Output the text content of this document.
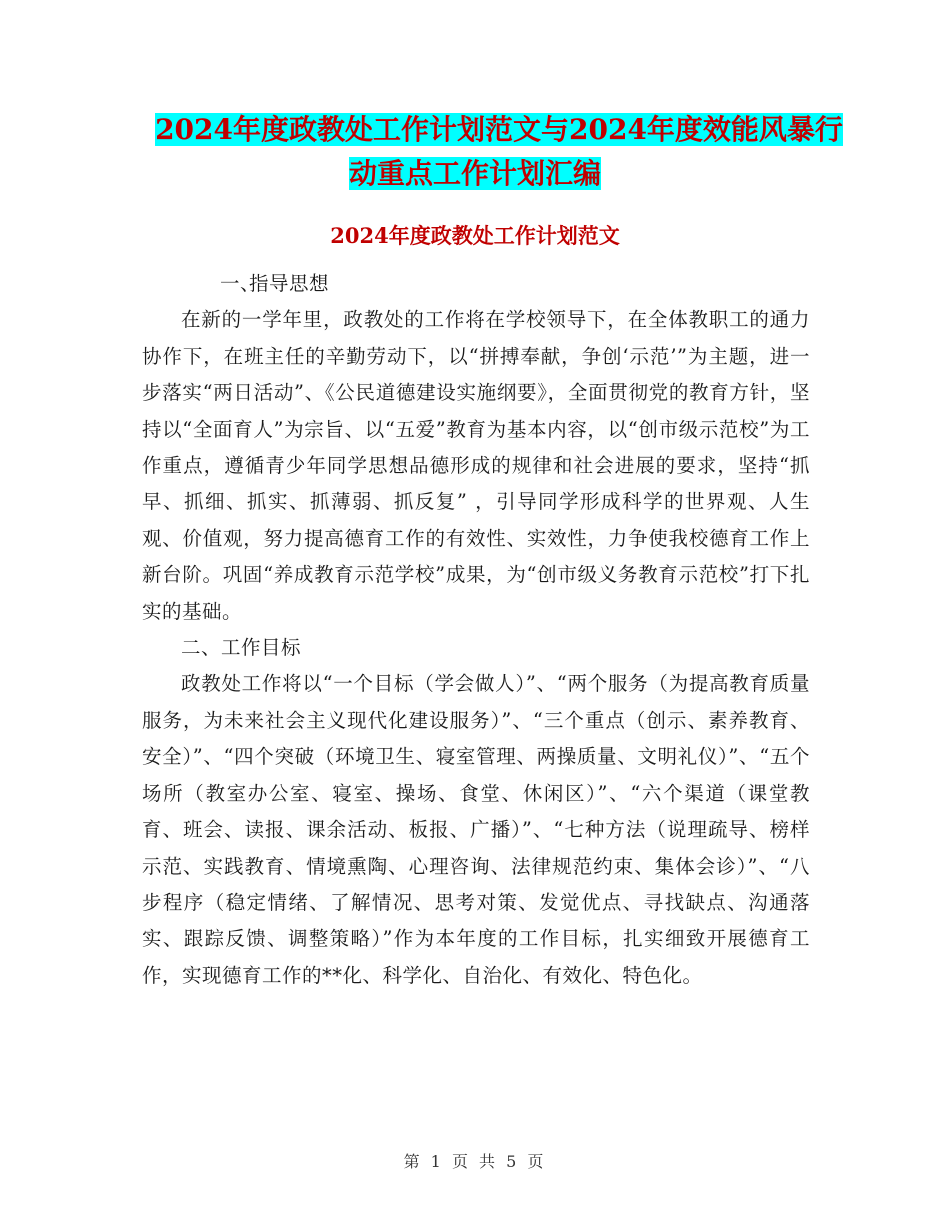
2024年度政教处工作计划范文与2024年度效能风暴行
动重点工作计划汇编
2024年度政教处工作计划范文

一、指导思想

在新的一学年里，政教处的工作将在学校领导下，在全体教职工的通力协作下，在班主任的辛勤劳动下，以“拼搏奉献，争创‘示范’”为主题，进一步落实“两日活动”、《公民道德建设实施纲要》，全面贯彻党的教育方针，坚持以“全面育人”为宗旨、以“五爱”教育为基本内容，以“创市级示范校”为工作重点，遵循青少年同学思想品德形成的规律和社会进展的要求，坚持“抓早、抓细、抓实、抓薄弱、抓反复” ，引导同学形成科学的世界观、人生观、价值观，努力提高德育工作的有效性、实效性，力争使我校德育工作上新台阶。巩固“养成教育示范学校”成果，为“创市级义务教育示范校”打下扎实的基础。

二、工作目标

政教处工作将以“一个目标（学会做人）”、“两个服务（为提高教育质量服务，为未来社会主义现代化建设服务）”、“三个重点（创示、素养教育、安全）”、“四个突破（环境卫生、寝室管理、两操质量、文明礼仪）”、“五个场所（教室办公室、寝室、操场、食堂、休闲区）”、“六个渠道（课堂教育、班会、读报、课余活动、板报、广播）”、“七种方法（说理疏导、榜样示范、实践教育、情境熏陶、心理咨询、法律规范约束、集体会诊）”、“八步程序（稳定情绪、了解情况、思考对策、发觉优点、寻找缺点、沟通落实、跟踪反馈、调整策略）”作为本年度的工作目标，扎实细致开展德育工作，实现德育工作的**化、科学化、自治化、有效化、特色化。

第 1 页 共 5 页
